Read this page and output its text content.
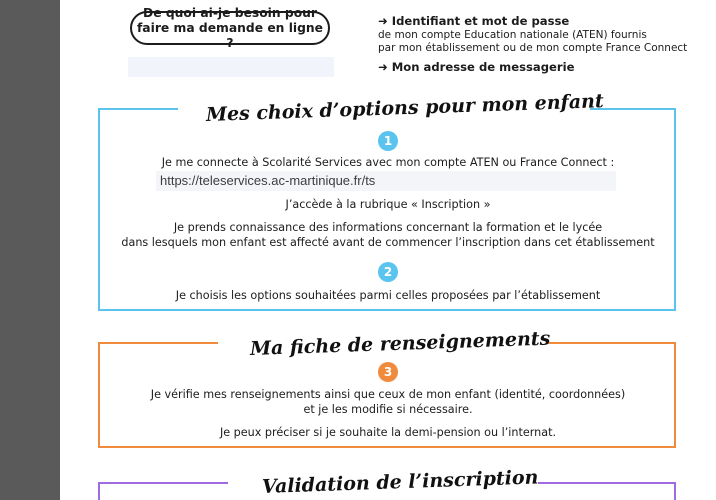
De quoi ai-je besoin pour faire ma demande en ligne ?
➜ Identifiant et mot de passe
de mon compte Education nationale (ATEN) fournis
par mon établissement ou de mon compte France Connect
➜ Mon adresse de messagerie
Mes choix d’options pour mon enfant
1
Je me connecte à Scolarité Services avec mon compte ATEN ou France Connect :
https://teleservices.ac-martinique.fr/ts
J’accède à la rubrique « Inscription »
Je prends connaissance des informations concernant la formation et le lycée
dans lesquels mon enfant est affecté avant de commencer l’inscription dans cet établissement
2
Je choisis les options souhaitées parmi celles proposées par l’établissement
Ma fiche de renseignements
3
Je vérifie mes renseignements ainsi que ceux de mon enfant (identité, coordonnées)
et je les modifie si nécessaire.
Je peux préciser si je souhaite la demi-pension ou l’internat.
Validation de l’inscription
